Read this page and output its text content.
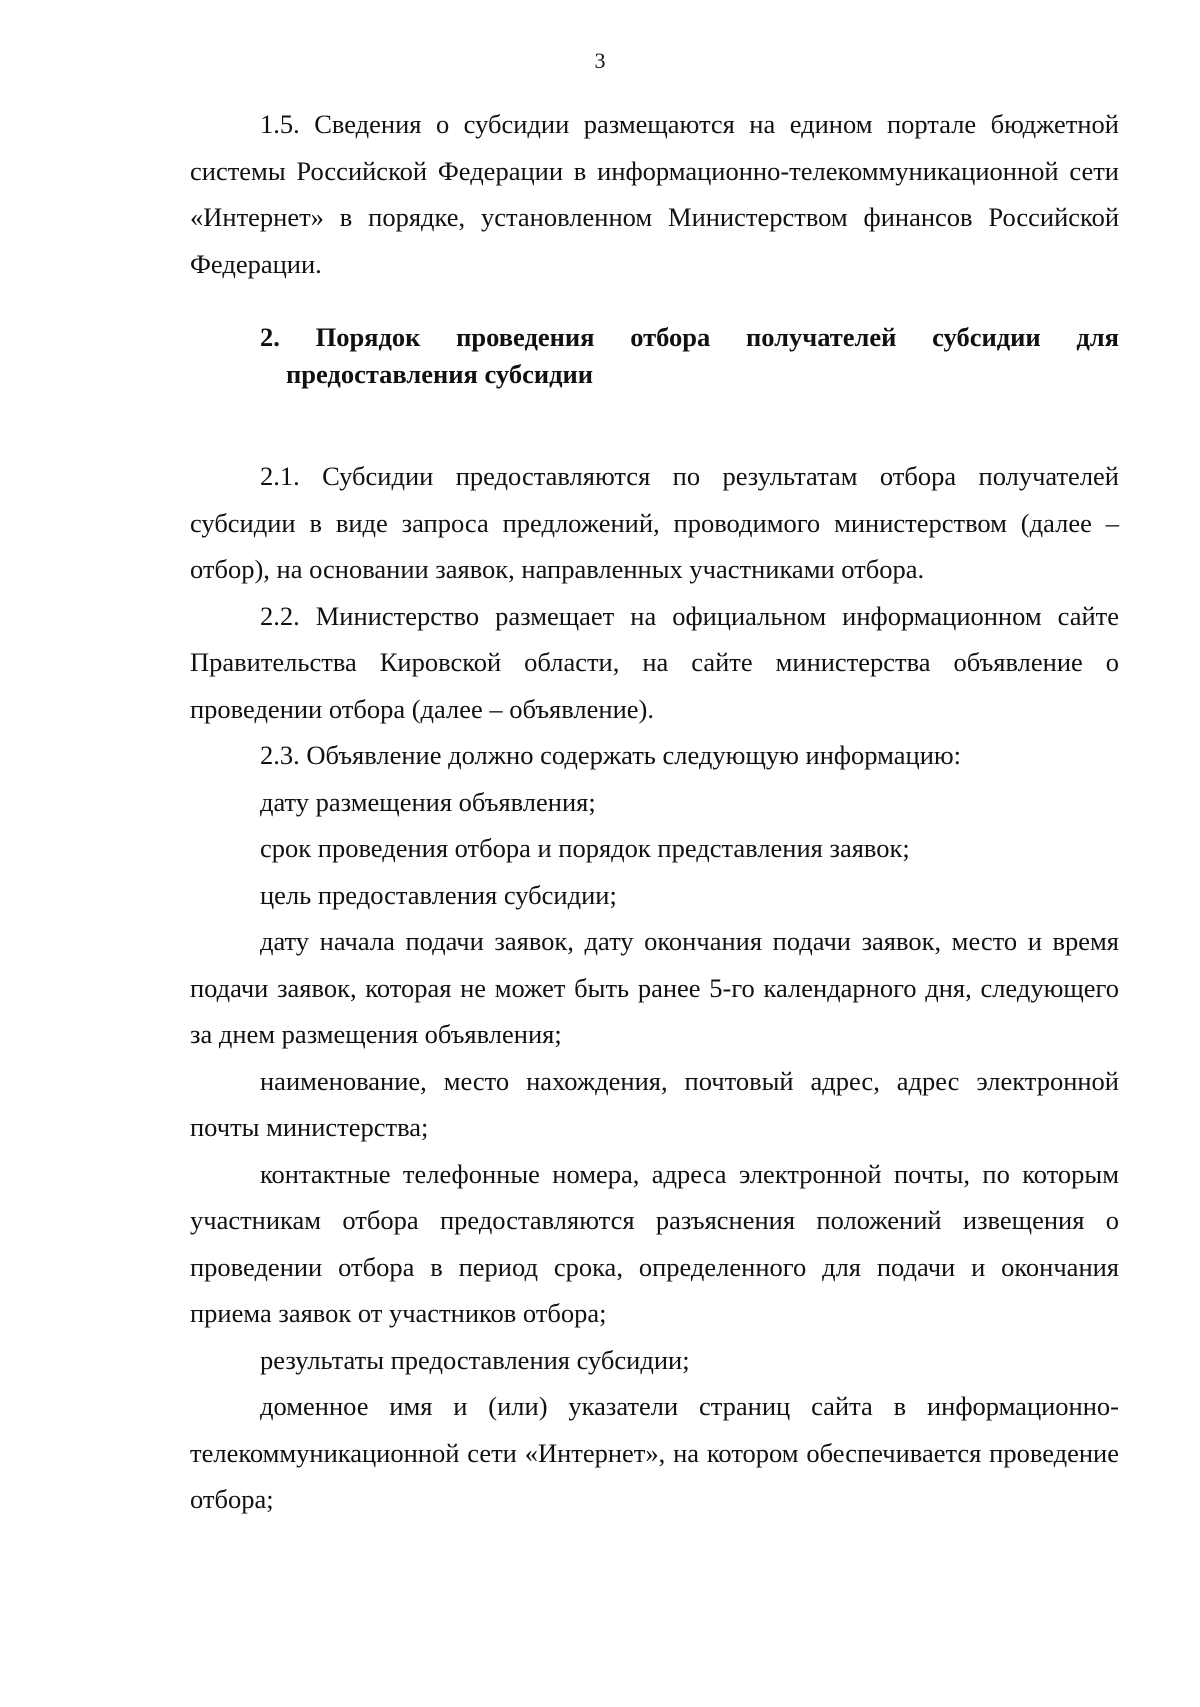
3

1.5. Сведения о субсидии размещаются на едином портале бюджетной системы Российской Федерации в информационно-телекоммуникационной сети «Интернет» в порядке, установленном Министерством финансов Российской Федерации.

2. Порядок проведения отбора получателей субсидии для
предоставления субсидии

2.1. Субсидии предоставляются по результатам отбора получателей субсидии в виде запроса предложений, проводимого министерством (далее – отбор), на основании заявок, направленных участниками отбора.

2.2. Министерство размещает на официальном информационном сайте Правительства Кировской области, на сайте министерства объявление о проведении отбора (далее – объявление).

2.3. Объявление должно содержать следующую информацию:

дату размещения объявления;

срок проведения отбора и порядок представления заявок;

цель предоставления субсидии;

дату начала подачи заявок, дату окончания подачи заявок, место и время подачи заявок, которая не может быть ранее 5-го календарного дня, следующего за днем размещения объявления;

наименование, место нахождения, почтовый адрес, адрес электронной почты министерства;

контактные телефонные номера, адреса электронной почты, по которым участникам отбора предоставляются разъяснения положений извещения о проведении отбора в период срока, определенного для подачи и окончания приема заявок от участников отбора;

результаты предоставления субсидии;

доменное имя и (или) указатели страниц сайта в информационно-телекоммуникационной сети «Интернет», на котором обеспечивается проведение отбора;
